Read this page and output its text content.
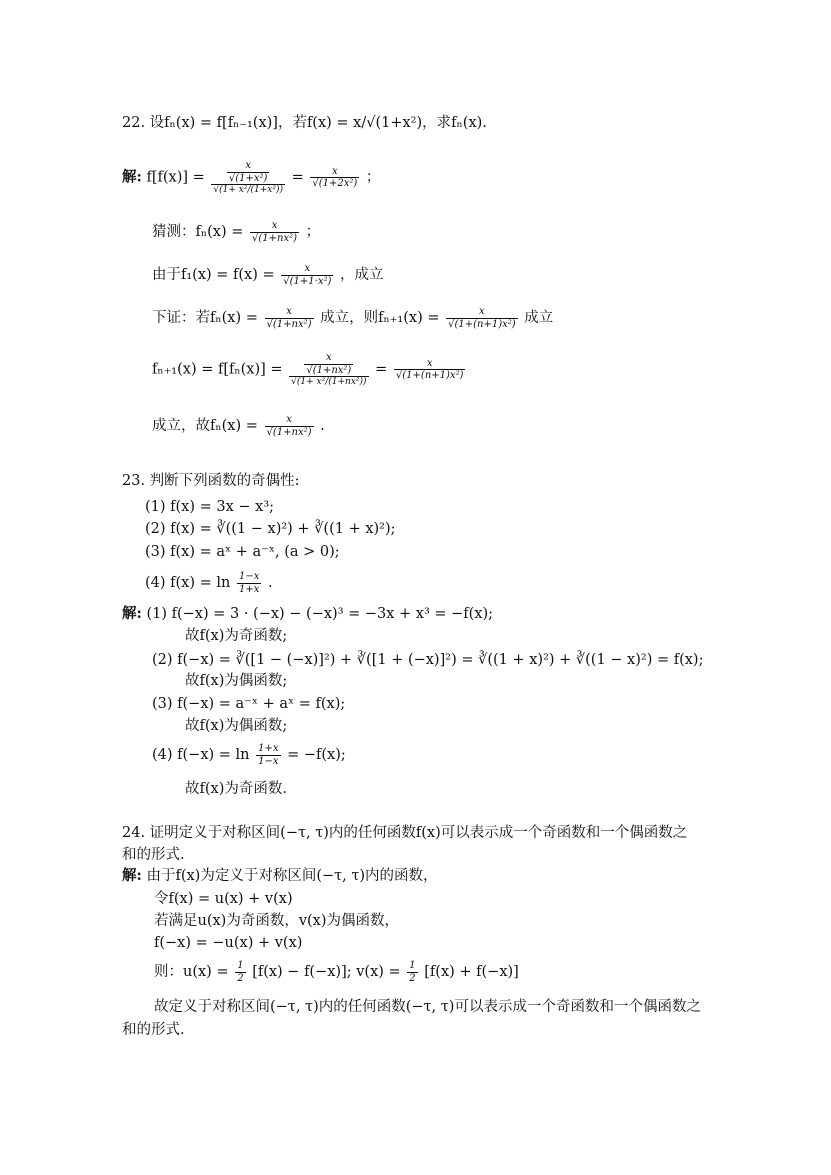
22. 设fₙ(x) = f[fₙ₋₁(x)]，若f(x) = x/√(1+x²)，求fₙ(x).
解: $f[f(x)] = \frac{\frac{x}{\text{√(1+x²)}}}{\text{√(1+ x²/(1+x²))}} = \frac{x}{\text{√(1+2x²)}}$ ；
猜测：$f_n(x) = \frac{x}{\text{√(1+nx²)}}$ ；
由于$f_1(x) = f(x) = \frac{x}{\text{√(1+1·x²)}}$ ，成立
下证：若$f_n(x) = \frac{x}{\text{√(1+nx²)}}$ 成立，则$f_{n+1}(x) = \frac{x}{\text{√(1+(n+1)x²)}}$ 成立
$f_{n+1}(x) = f[f_n(x)] = \frac{\frac{x}{\text{√(1+nx²)}}}{\text{√(1+ x²/(1+nx²))}} = \frac{x}{\text{√(1+(n+1)x²)}}$
成立，故$f_n(x) = \frac{x}{\text{√(1+nx²)}}$ .
23. 判断下列函数的奇偶性:
(1) f(x) = 3x − x³;
(2) f(x) = ∛((1 − x)²) + ∛((1 + x)²);
(3) f(x) = aˣ + a⁻ˣ, (a > 0);
(4) $f(x) = \ln \frac{1-x}{1+x}$ .
解: (1) f(−x) = 3 · (−x) − (−x)³ = −3x + x³ = −f(x);
故f(x)为奇函数;
(2) f(−x) = ∛([1 − (−x)]²) + ∛([1 + (−x)]²) = ∛((1 + x)²) + ∛((1 − x)²) = f(x);
故f(x)为偶函数;
(3) f(−x) = a⁻ˣ + aˣ = f(x);
故f(x)为偶函数;
(4) $f(-x) = \ln \frac{1+x}{1-x} = -f(x)$;
故f(x)为奇函数.
24. 证明定义于对称区间(−τ, τ)内的任何函数f(x)可以表示成一个奇函数和一个偶函数之
和的形式.
解: 由于f(x)为定义于对称区间(−τ, τ)内的函数，
令f(x) = u(x) + v(x)
若满足u(x)为奇函数，v(x)为偶函数，
f(−x) = −u(x) + v(x)
则：$u(x) = \frac{1}{2} [f(x) - f(-x)]$; $v(x) = \frac{1}{2} [f(x) + f(-x)]$
故定义于对称区间(−τ, τ)内的任何函数(−τ, τ)可以表示成一个奇函数和一个偶函数之
和的形式.
